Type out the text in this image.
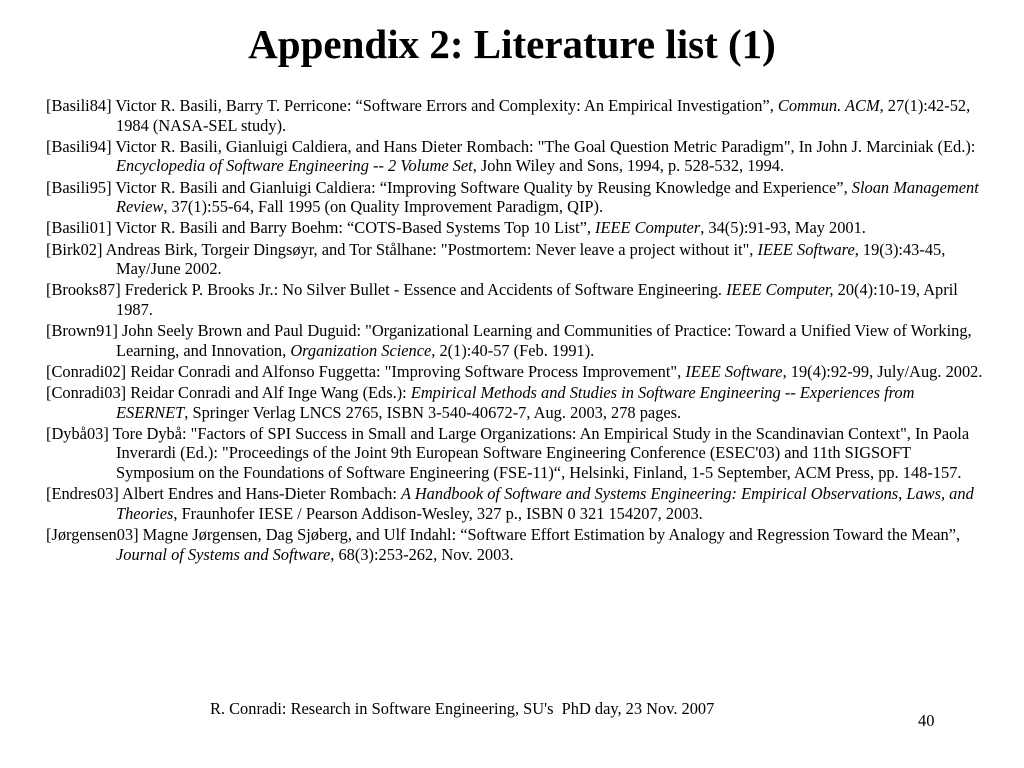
Appendix 2: Literature list (1)
[Basili84] Victor R. Basili, Barry T. Perricone: “Software Errors and Complexity: An Empirical Investigation”, Commun. ACM, 27(1):42-52, 1984 (NASA-SEL study).
[Basili94] Victor R. Basili, Gianluigi Caldiera, and Hans Dieter Rombach: "The Goal Question Metric Paradigm", In John J. Marciniak (Ed.): Encyclopedia of Software Engineering -- 2 Volume Set, John Wiley and Sons, 1994, p. 528-532, 1994.
[Basili95] Victor R. Basili and Gianluigi Caldiera: “Improving Software Quality by Reusing Knowledge and Experience”, Sloan Management Review, 37(1):55-64, Fall 1995 (on Quality Improvement Paradigm, QIP).
[Basili01] Victor R. Basili and Barry Boehm: “COTS-Based Systems Top 10 List”, IEEE Computer, 34(5):91-93, May 2001.
[Birk02] Andreas Birk, Torgeir Dingsøyr, and Tor Stålhane: "Postmortem: Never leave a project without it", IEEE Software, 19(3):43-45, May/June 2002.
[Brooks87] Frederick P. Brooks Jr.: No Silver Bullet - Essence and Accidents of Software Engineering. IEEE Computer, 20(4):10-19, April 1987.
[Brown91] John Seely Brown and Paul Duguid: "Organizational Learning and Communities of Practice: Toward a Unified View of Working, Learning, and Innovation, Organization Science, 2(1):40-57 (Feb. 1991).
[Conradi02] Reidar Conradi and Alfonso Fuggetta: "Improving Software Process Improvement", IEEE Software, 19(4):92-99, July/Aug. 2002.
[Conradi03] Reidar Conradi and Alf Inge Wang (Eds.): Empirical Methods and Studies in Software Engineering -- Experiences from ESERNET, Springer Verlag LNCS 2765, ISBN 3-540-40672-7, Aug. 2003, 278 pages.
[Dybå03] Tore Dybå: "Factors of SPI Success in Small and Large Organizations: An Empirical Study in the Scandinavian Context", In Paola Inverardi (Ed.): "Proceedings of the Joint 9th European Software Engineering Conference (ESEC'03) and 11th SIGSOFT Symposium on the Foundations of Software Engineering (FSE-11)“, Helsinki, Finland, 1-5 September, ACM Press, pp. 148-157.
[Endres03] Albert Endres and Hans-Dieter Rombach: A Handbook of Software and Systems Engineering: Empirical Observations, Laws, and Theories, Fraunhofer IESE / Pearson Addison-Wesley, 327 p., ISBN 0 321 154207, 2003.
[Jørgensen03] Magne Jørgensen, Dag Sjøberg, and Ulf Indahl: “Software Effort Estimation by Analogy and Regression Toward the Mean”, Journal of Systems and Software, 68(3):253-262, Nov. 2003.
R. Conradi: Research in Software Engineering, SU's  PhD day, 23 Nov. 2007
40
